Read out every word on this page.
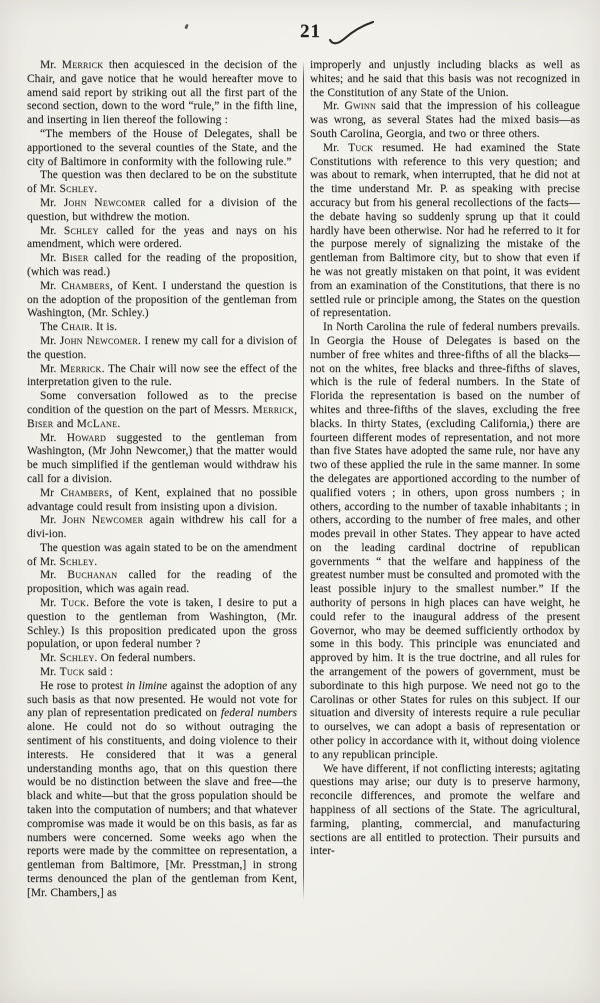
21

Mr. Merrick then acquiesced in the decision of the Chair, and gave notice that he would hereafter move to amend said report by striking out all the first part of the second section, down to the word “rule,” in the fifth line, and inserting in lien thereof the following :

“The members of the House of Delegates, shall be apportioned to the several counties of the State, and the city of Baltimore in conformity with the following rule.”

The question was then declared to be on the substitute of Mr. Schley.

Mr. John Newcomer called for a division of the question, but withdrew the motion.

Mr. Schley called for the yeas and nays on his amendment, which were ordered.

Mr. Biser called for the reading of the proposition, (which was read.)

Mr. Chambers, of Kent. I understand the question is on the adoption of the proposition of the gentleman from Washington, (Mr. Schley.)

The Chair. It is.

Mr. John Newcomer. I renew my call for a division of the question.

Mr. Merrick. The Chair will now see the effect of the interpretation given to the rule.

Some conversation followed as to the precise condition of the question on the part of Messrs. Merrick, Biser and McLane.

Mr. Howard suggested to the gentleman from Washington, (Mr John Newcomer,) that the matter would be much simplified if the gentleman would withdraw his call for a division.

Mr Chambers, of Kent, explained that no possible advantage could result from insisting upon a division.

Mr. John Newcomer again withdrew his call for a divi-ion.

The question was again stated to be on the amendment of Mr. Schley.

Mr. Buchanan called for the reading of the proposition, which was again read.

Mr. Tuck. Before the vote is taken, I desire to put a question to the gentleman from Washington, (Mr. Schley.) Is this proposition predicated upon the gross population, or upon federal number ?

Mr. Schley. On federal numbers.

Mr. Tuck said :

He rose to protest in limine against the adoption of any such basis as that now presented. He would not vote for any plan of representation predicated on federal numbers alone. He could not do so without outraging the sentiment of his constituents, and doing violence to their interests. He considered that it was a general understanding months ago, that on this question there would be no distinction between the slave and free—the black and white—but that the gross population should be taken into the computation of numbers; and that whatever compromise was made it would be on this basis, as far as numbers were concerned. Some weeks ago when the reports were made by the committee on representation, a gentleman from Baltimore, [Mr. Presstman,] in strong terms denounced the plan of the gentleman from Kent, [Mr. Chambers,] as

improperly and unjustly including blacks as well as whites; and he said that this basis was not recognized in the Constitution of any State of the Union.

Mr. Gwinn said that the impression of his colleague was wrong, as several States had the mixed basis—as South Carolina, Georgia, and two or three others.

Mr. Tuck resumed. He had examined the State Constitutions with reference to this very question; and was about to remark, when interrupted, that he did not at the time understand Mr. P. as speaking with precise accuracy but from his general recollections of the facts—the debate having so suddenly sprung up that it could hardly have been otherwise. Nor had he referred to it for the purpose merely of signalizing the mistake of the gentleman from Baltimore city, but to show that even if he was not greatly mistaken on that point, it was evident from an examination of the Constitutions, that there is no settled rule or principle among, the States on the question of representation.

In North Carolina the rule of federal numbers prevails. In Georgia the House of Delegates is based on the number of free whites and three-fifths of all the blacks—not on the whites, free blacks and three-fifths of slaves, which is the rule of federal numbers. In the State of Florida the representation is based on the number of whites and three-fifths of the slaves, excluding the free blacks. In thirty States, (excluding California,) there are fourteen different modes of representation, and not more than five States have adopted the same rule, nor have any two of these applied the rule in the same manner. In some the delegates are apportioned according to the number of qualified voters ; in others, upon gross numbers ; in others, according to the number of taxable inhabitants ; in others, according to the number of free males, and other modes prevail in other States. They appear to have acted on the leading cardinal doctrine of republican governments “ that the welfare and happiness of the greatest number must be consulted and promoted with the least possible injury to the smallest number.” If the authority of persons in high places can have weight, he could refer to the inaugural address of the present Governor, who may be deemed sufficiently orthodox by some in this body. This principle was enunciated and approved by him. It is the true doctrine, and all rules for the arrangement of the powers of government, must be subordinate to this high purpose. We need not go to the Carolinas or other States for rules on this subject. If our situation and diversity of interests require a rule peculiar to ourselves, we can adopt a basis of representation or other policy in accordance with it, without doing violence to any republican principle.

We have different, if not conflicting interests; agitating questions may arise; our duty is to preserve harmony, reconcile differences, and promote the welfare and happiness of all sections of the State. The agricultural, farming, planting, commercial, and manufacturing sections are all entitled to protection. Their pursuits and inter-
